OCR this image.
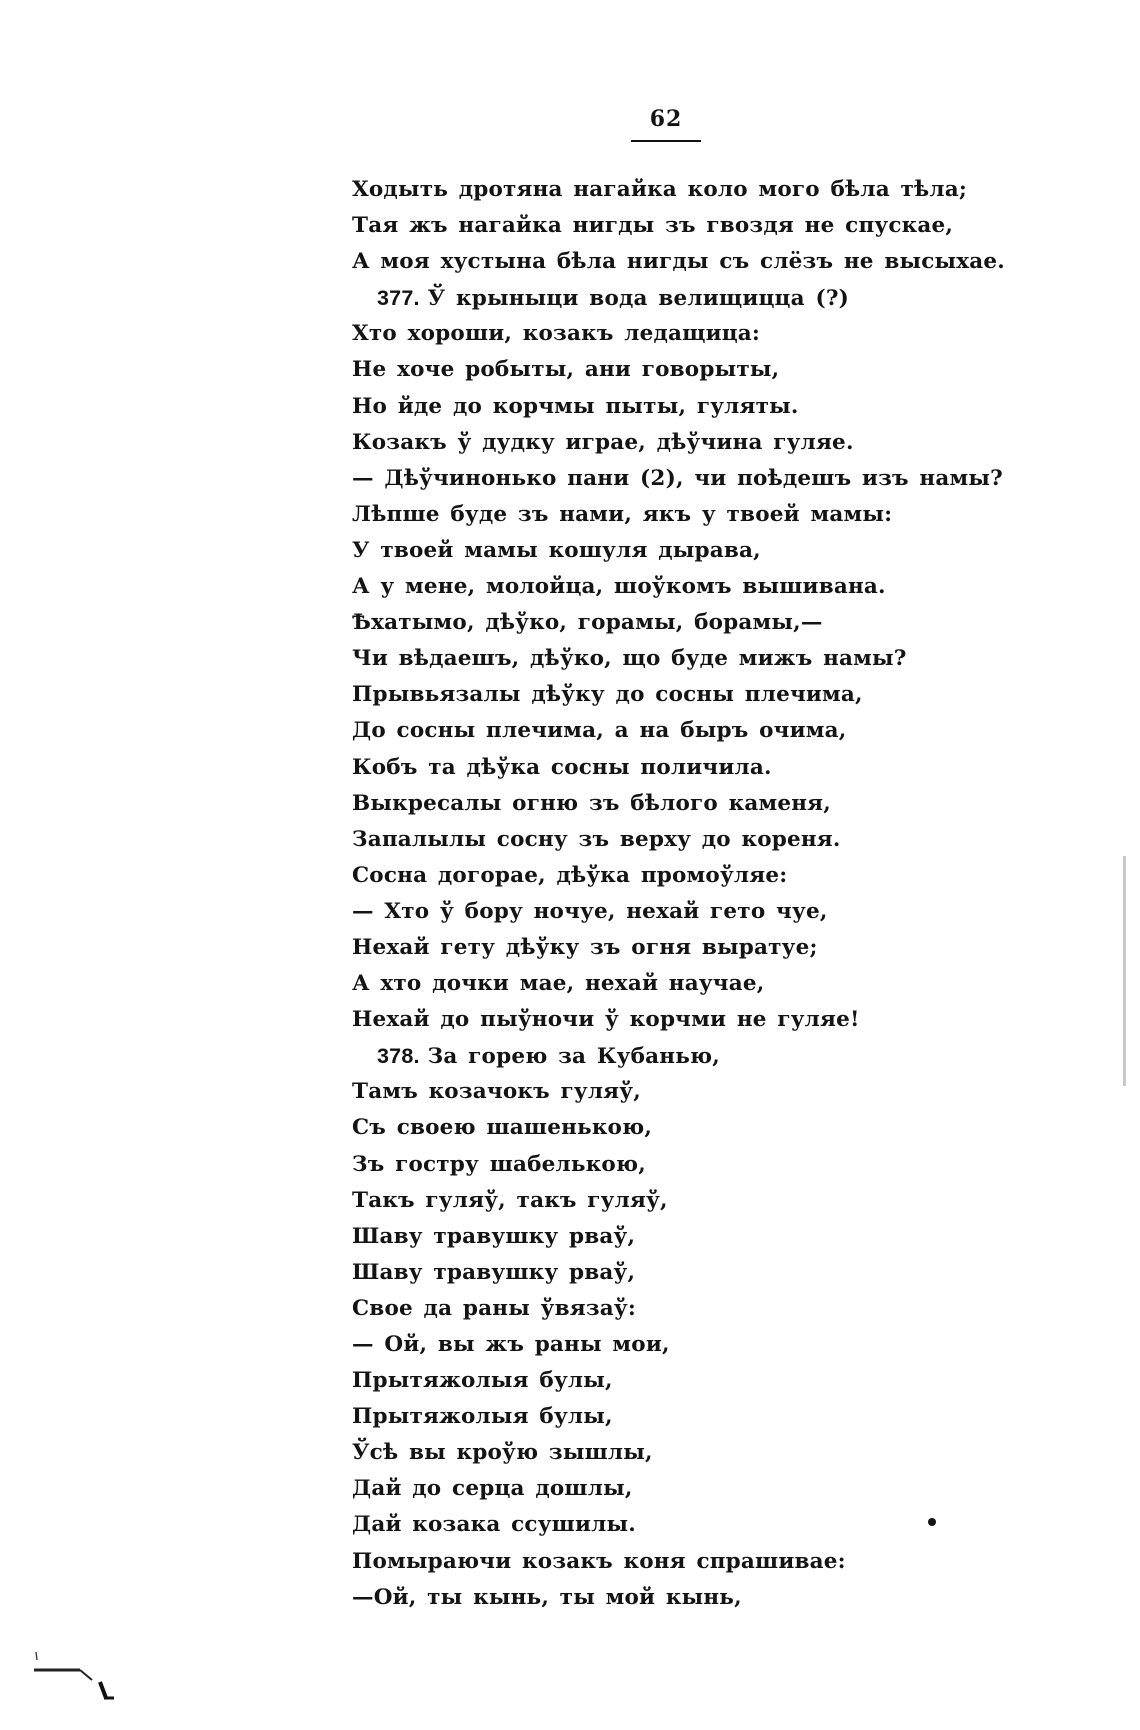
62
Ходыть дротяна нагайка коло мого бѣла тѣла;
Тая жъ нагайка нигды зъ гвоздя не спускае,
А моя хустына бѣла нигды съ слёзъ не высыхае.
377. Ў крыныци вода велищицца (?)
Хто хороши, козакъ ледащица:
Не хоче робыты, ани говорыты,
Но йде до корчмы пыты, гуляты.
Козакъ ў дудку играе, дѣўчина гуляе.
— Дѣўчинонько пани (2), чи поѣдешъ изъ намы?
Лѣпше буде зъ нами, якъ у твоей мамы:
У твоей мамы кошуля дырава,
А у мене, молойца, шоўкомъ вышивана.
Ѣхатымо, дѣўко, горамы, борамы,—
Чи вѣдаешъ, дѣўко, що буде мижъ намы?
Прывьязалы дѣўку до сосны плечима,
До сосны плечима, а на быръ очима,
Кобъ та дѣўка сосны поличила.
Выкресалы огню зъ бѣлого каменя,
Запалылы сосну зъ верху до кореня.
Сосна догорае, дѣўка промоўляе:
— Хто ў бору ночуе, нехай гето чуе,
Нехай гету дѣўку зъ огня выратуе;
А хто дочки мае, нехай научае,
Нехай до пыўночи ў корчми не гуляе!
378. За горею за Кубанью,
Тамъ козачокъ гуляў,
Съ своею шашенькою,
Зъ гостру шабелькою,
Такъ гуляў, такъ гуляў,
Шаву травушку рваў,
Шаву травушку рваў,
Свое да раны ўвязаў:
— Ой, вы жъ раны мои,
Прытяжолыя булы,
Прытяжолыя булы,
Ўсѣ вы кроўю зышлы,
Дай до серца дошлы,
Дай козака ссушилы.
Помыраючи козакъ коня спрашивае:
—Ой, ты кынь, ты мой кынь,
